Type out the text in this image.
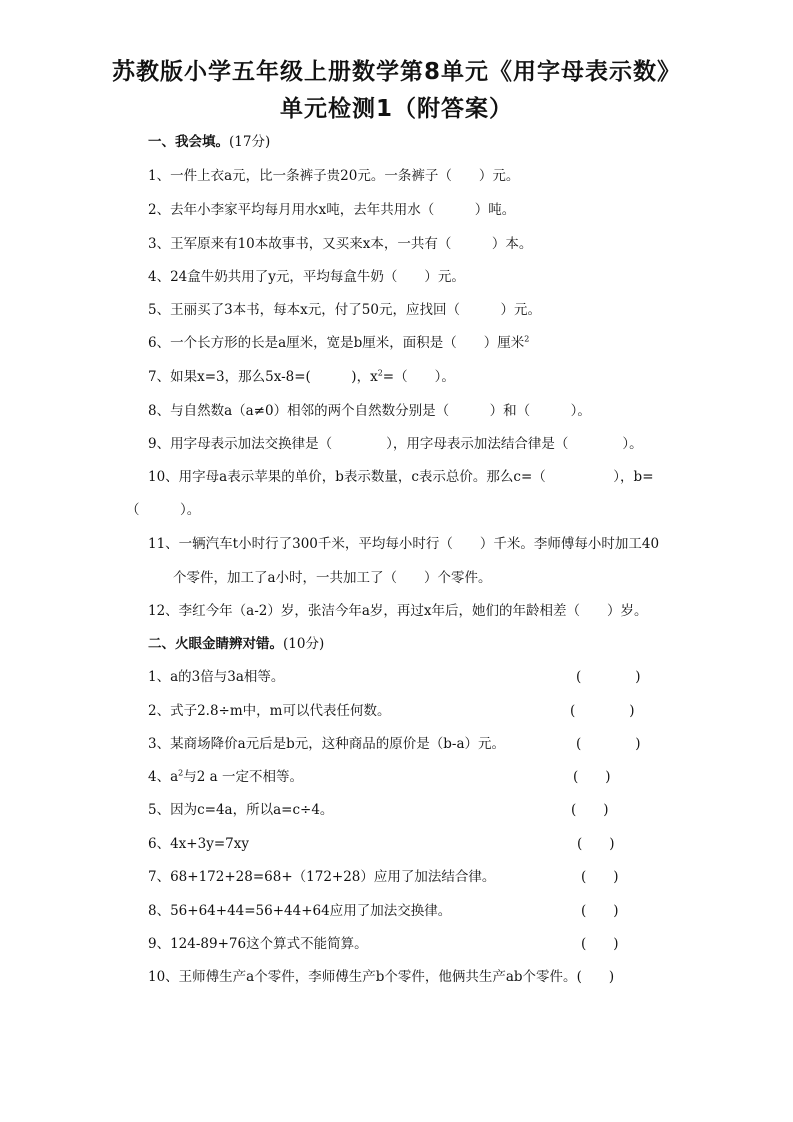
苏教版小学五年级上册数学第8单元《用字母表示数》
单元检测1（附答案）
一、我会填。(17分)
1、一件上衣a元，比一条裤子贵20元。一条裤子（　　）元。
2、去年小李家平均每月用水x吨，去年共用水（　　　）吨。
3、王军原来有10本故事书，又买来x本，一共有（　　　）本。
4、24盒牛奶共用了y元，平均每盒牛奶（　　）元。
5、王丽买了3本书，每本x元，付了50元，应找回（　　　）元。
6、一个长方形的长是a厘米，宽是b厘米，面积是（　　）厘米$^2$
7、如果x=3，那么5x-8=(　　　)，$x^2=$（　　）。
8、与自然数a（a≠0）相邻的两个自然数分别是（　　　）和（　　　）。
9、用字母表示加法交换律是（　　　　），用字母表示加法结合律是（　　　　）。
10、用字母a表示苹果的单价，b表示数量，c表示总价。那么c=（　　　　　），b=
（　　　）。
11、一辆汽车t小时行了300千米，平均每小时行（　　）千米。李师傅每小时加工40
个零件，加工了a小时，一共加工了（　　）个零件。
12、李红今年（a-2）岁，张洁今年a岁，再过x年后，她们的年龄相差（　　）岁。
二、火眼金睛辨对错。(10分)
1、a的3倍与3a相等。	(　　　　)
2、式子2.8÷m中，m可以代表任何数。	(　　　　)
3、某商场降价a元后是b元，这种商品的原价是（b-a）元。	(　　　　)
4、$a^2$与2 a 一定不相等。	(　　)
5、因为c=4a，所以a=c÷4。	(　　)
6、4x+3y=7xy	(　　)
7、68+172+28=68+（172+28）应用了加法结合律。	(　　)
8、56+64+44=56+44+64应用了加法交换律。	(　　)
9、124-89+76这个算式不能简算。	(　　)
10、王师傅生产a个零件，李师傅生产b个零件，他俩共生产ab个零件。(　　)
